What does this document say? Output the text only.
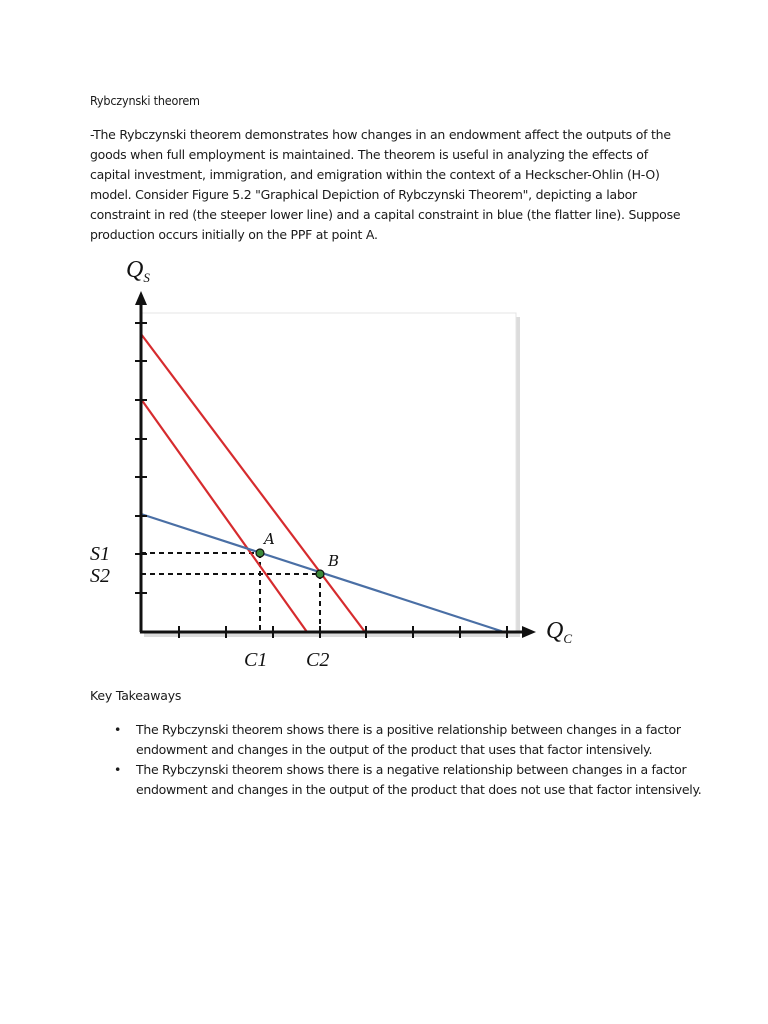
Rybczynski theorem

-The Rybczynski theorem demonstrates how changes in an endowment affect the outputs of the goods when full employment is maintained. The theorem is useful in analyzing the effects of capital investment, immigration, and emigration within the context of a Heckscher-Ohlin (H-O) model. Consider Figure 5.2 "Graphical Depiction of Rybczynski Theorem", depicting a labor constraint in red (the steeper lower line) and a capital constraint in blue (the flatter line). Suppose production occurs initially on the PPF at point A.

A
B
S1
S2
C1 C2
$Q_S$
$Q_C$
Key Takeaways
• The Rybczynski theorem shows there is a positive relationship between changes in a factor endowment and changes in the output of the product that uses that factor intensively.
• The Rybczynski theorem shows there is a negative relationship between changes in a factor endowment and changes in the output of the product that does not use that factor intensively.
